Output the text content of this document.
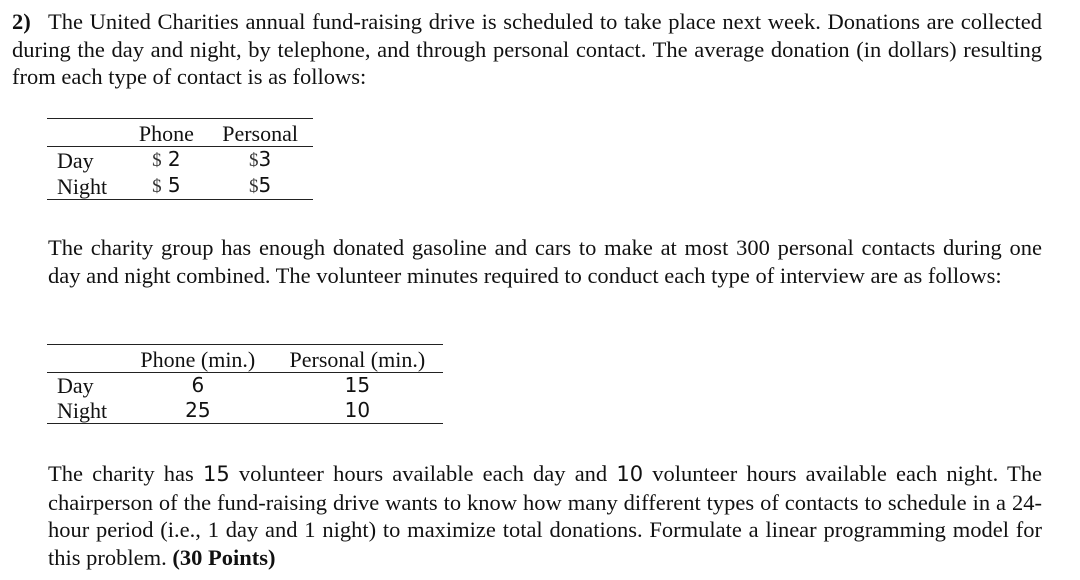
2) The United Charities annual fund-raising drive is scheduled to take place next week. Donations are collected during the day and night, by telephone, and through personal contact. The average donation (in dollars) resulting from each type of contact is as follows:
	Phone	Personal
Day	$ 2	$3
Night	$ 5	$5
The charity group has enough donated gasoline and cars to make at most 300 personal contacts during one day and night combined. The volunteer minutes required to conduct each type of interview are as follows:
	Phone (min.)	Personal (min.)
Day	6	15
Night	25	10
The charity has 15 volunteer hours available each day and 10 volunteer hours available each night. The chairperson of the fund-raising drive wants to know how many different types of contacts to schedule in a 24-hour period (i.e., 1 day and 1 night) to maximize total donations. Formulate a linear programming model for this problem. (30 Points)
